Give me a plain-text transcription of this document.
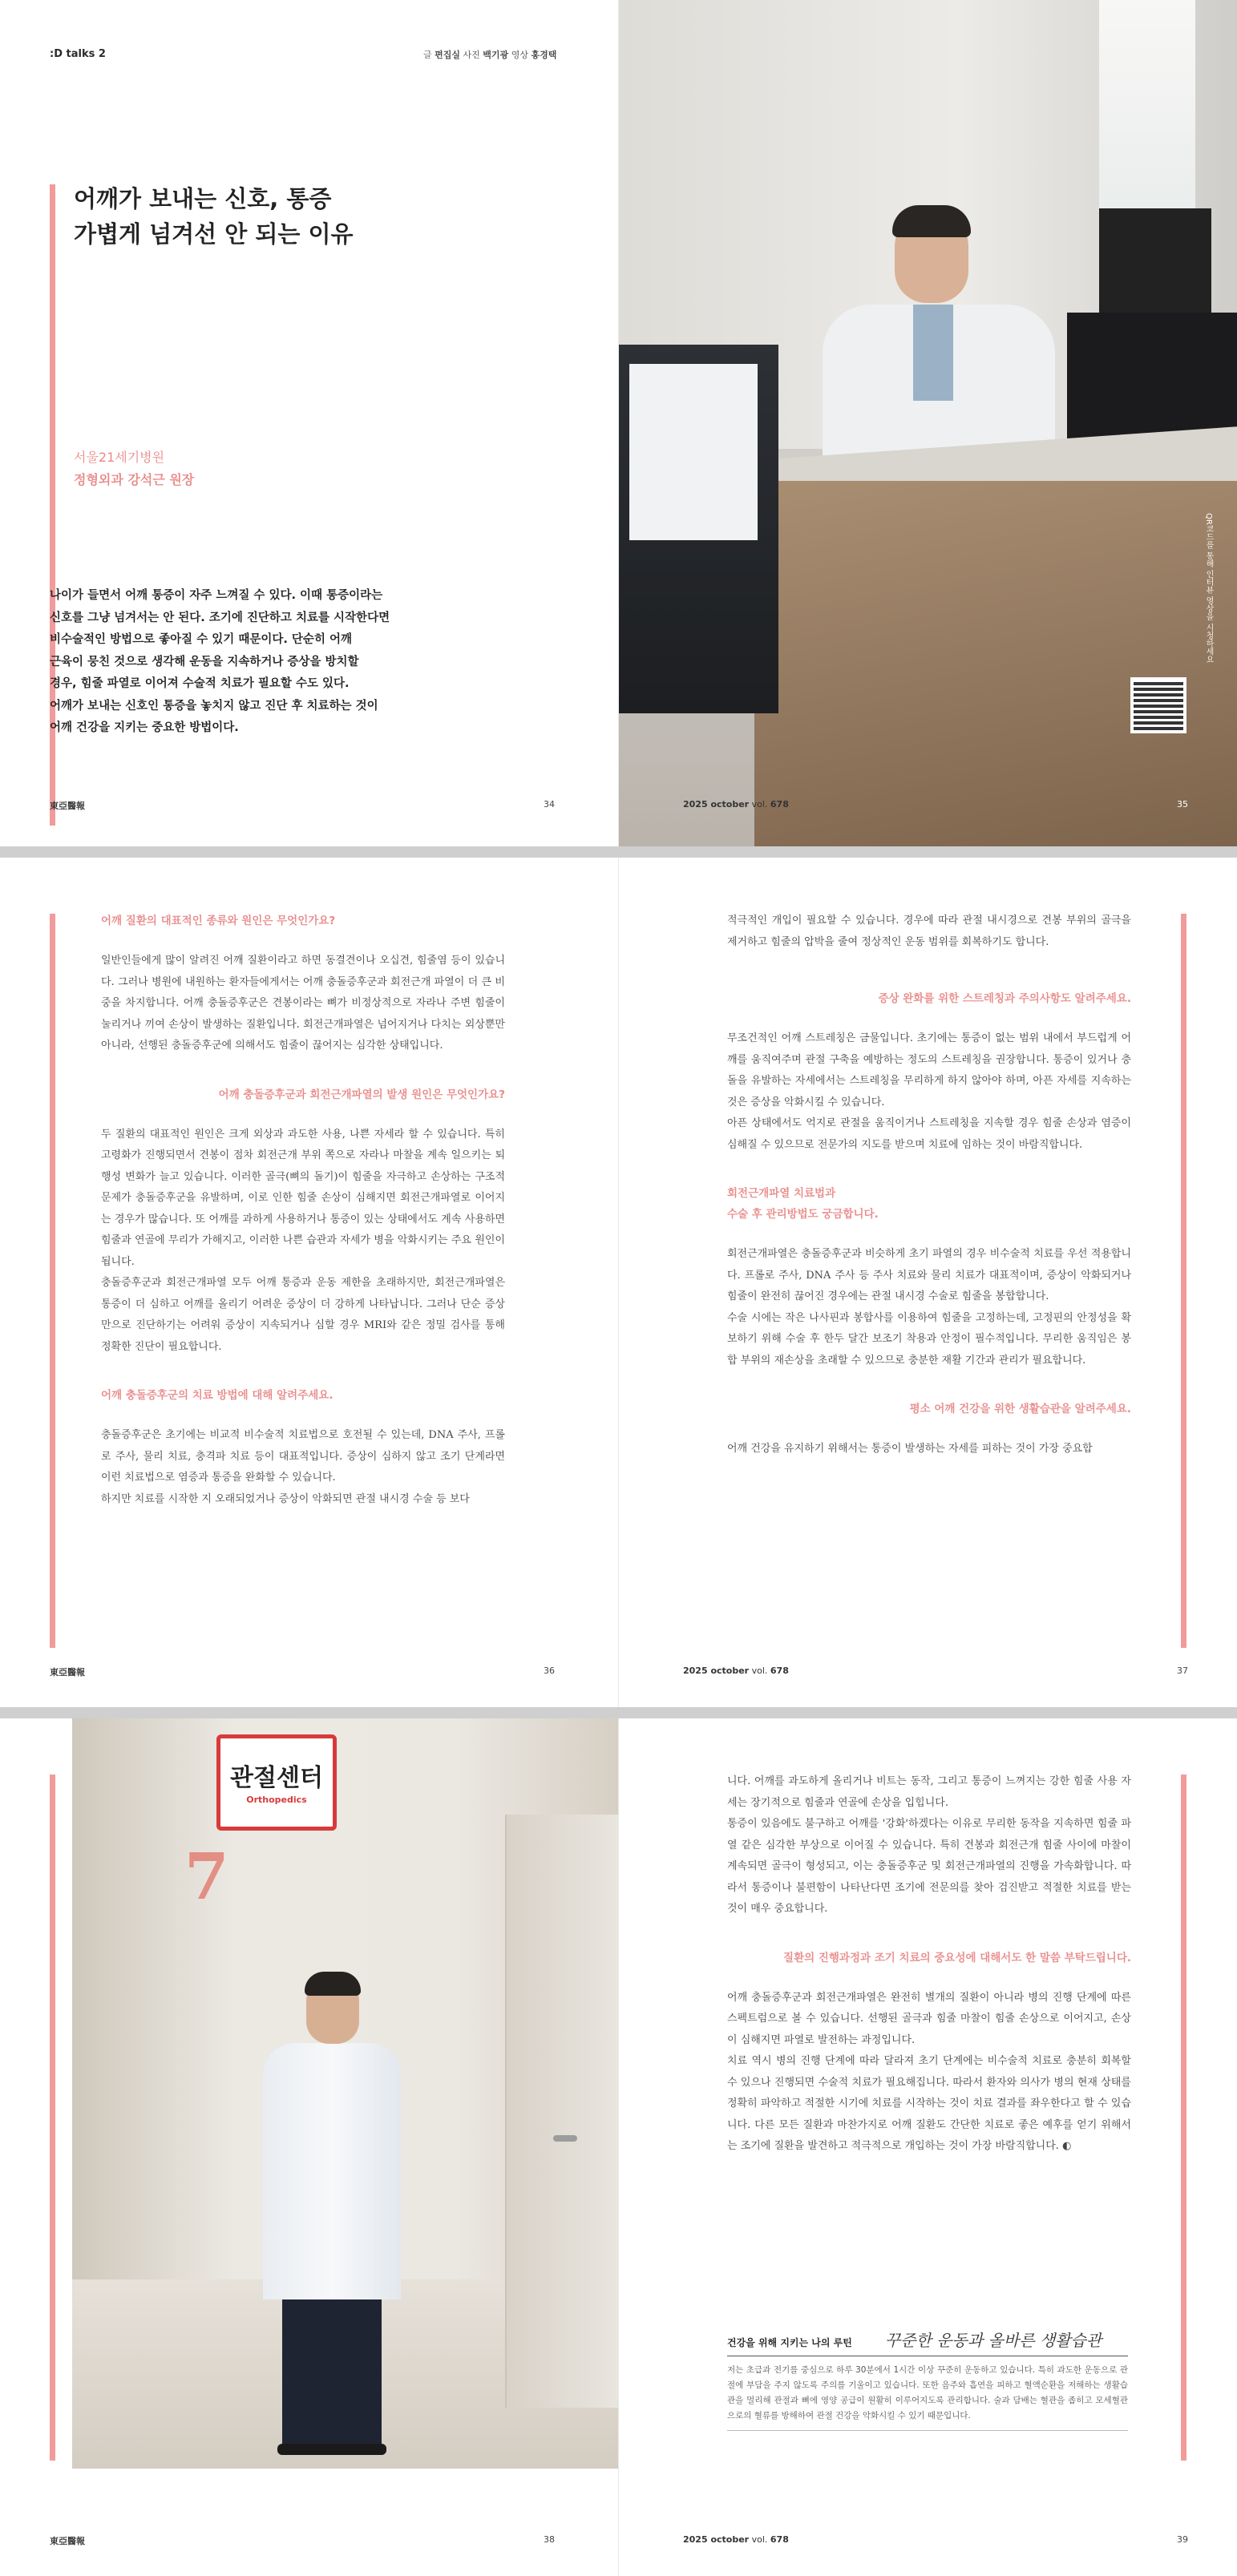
:D talks 2	글 편집실 사진 백기광 영상 홍경택
어깨가 보내는 신호, 통증
가볍게 넘겨선 안 되는 이유
서울21세기병원
정형외과 강석근 원장
나이가 들면서 어깨 통증이 자주 느껴질 수 있다. 이때 통증이라는
신호를 그냥 넘겨서는 안 된다. 조기에 진단하고 치료를 시작한다면
비수술적인 방법으로 좋아질 수 있기 때문이다. 단순히 어깨
근육이 뭉친 것으로 생각해 운동을 지속하거나 증상을 방치할
경우, 힘줄 파열로 이어져 수술적 치료가 필요할 수도 있다.
어깨가 보내는 신호인 통증을 놓치지 않고 진단 후 치료하는 것이
어깨 건강을 지키는 중요한 방법이다.
東亞醫報	34
QR코드를 통해 인터뷰 영상을 시청하세요
2025 october vol. 678	35
어깨 질환의 대표적인 종류와 원인은 무엇인가요?

일반인들에게 많이 알려진 어깨 질환이라고 하면 동결견이나 오십견, 힘줄염 등이 있습니다. 그러나 병원에 내원하는 환자들에게서는 어깨 충돌증후군과 회전근개 파열이 더 큰 비중을 차지합니다. 어깨 충돌증후군은 견봉이라는 뼈가 비정상적으로 자라나 주변 힘줄이 눌리거나 끼여 손상이 발생하는 질환입니다. 회전근개파열은 넘어지거나 다치는 외상뿐만 아니라, 선행된 충돌증후군에 의해서도 힘줄이 끊어지는 심각한 상태입니다.

어깨 충돌증후군과 회전근개파열의 발생 원인은 무엇인가요?

두 질환의 대표적인 원인은 크게 외상과 과도한 사용, 나쁜 자세라 할 수 있습니다. 특히 고령화가 진행되면서 견봉이 점차 회전근개 부위 쪽으로 자라나 마찰을 계속 일으키는 퇴행성 변화가 늘고 있습니다. 이러한 골극(뼈의 돌기)이 힘줄을 자극하고 손상하는 구조적 문제가 충돌증후군을 유발하며, 이로 인한 힘줄 손상이 심해지면 회전근개파열로 이어지는 경우가 많습니다. 또 어깨를 과하게 사용하거나 통증이 있는 상태에서도 계속 사용하면 힘줄과 연골에 무리가 가해지고, 이러한 나쁜 습관과 자세가 병을 악화시키는 주요 원인이 됩니다.

충돌증후군과 회전근개파열 모두 어깨 통증과 운동 제한을 초래하지만, 회전근개파열은 통증이 더 심하고 어깨를 올리기 어려운 증상이 더 강하게 나타납니다. 그러나 단순 증상만으로 진단하기는 어려워 증상이 지속되거나 심할 경우 MRI와 같은 정밀 검사를 통해 정확한 진단이 필요합니다.

어깨 충돌증후군의 치료 방법에 대해 알려주세요.

충돌증후군은 초기에는 비교적 비수술적 치료법으로 호전될 수 있는데, DNA 주사, 프롤로 주사, 물리 치료, 충격파 치료 등이 대표적입니다. 증상이 심하지 않고 조기 단계라면 이런 치료법으로 염증과 통증을 완화할 수 있습니다.

하지만 치료를 시작한 지 오래되었거나 증상이 악화되면 관절 내시경 수술 등 보다

적극적인 개입이 필요할 수 있습니다. 경우에 따라 관절 내시경으로 견봉 부위의 골극을 제거하고 힘줄의 압박을 줄여 정상적인 운동 범위를 회복하기도 합니다.

증상 완화를 위한 스트레칭과 주의사항도 알려주세요.

무조건적인 어깨 스트레칭은 금물입니다. 초기에는 통증이 없는 범위 내에서 부드럽게 어깨를 움직여주며 관절 구축을 예방하는 정도의 스트레칭을 권장합니다. 통증이 있거나 충돌을 유발하는 자세에서는 스트레칭을 무리하게 하지 않아야 하며, 아픈 자세를 지속하는 것은 증상을 악화시킬 수 있습니다.

아픈 상태에서도 억지로 관절을 움직이거나 스트레칭을 지속할 경우 힘줄 손상과 염증이 심해질 수 있으므로 전문가의 지도를 받으며 치료에 임하는 것이 바람직합니다.

회전근개파열 치료법과
수술 후 관리방법도 궁금합니다.

회전근개파열은 충돌증후군과 비슷하게 초기 파열의 경우 비수술적 치료를 우선 적용합니다. 프롤로 주사, DNA 주사 등 주사 치료와 물리 치료가 대표적이며, 증상이 악화되거나 힘줄이 완전히 끊어진 경우에는 관절 내시경 수술로 힘줄을 봉합합니다.

수술 시에는 작은 나사핀과 봉합사를 이용하여 힘줄을 고정하는데, 고정핀의 안정성을 확보하기 위해 수술 후 한두 달간 보조기 착용과 안정이 필수적입니다. 무리한 움직임은 봉합 부위의 재손상을 초래할 수 있으므로 충분한 재활 기간과 관리가 필요합니다.

평소 어깨 건강을 위한 생활습관을 알려주세요.

어깨 건강을 유지하기 위해서는 통증이 발생하는 자세를 피하는 것이 가장 중요합

東亞醫報	36	2025 october vol. 678	37
7
관절센터
Orthopedics

니다. 어깨를 과도하게 올리거나 비트는 동작, 그리고 통증이 느껴지는 강한 힘줄 사용 자세는 장기적으로 힘줄과 연골에 손상을 입힙니다.

통증이 있음에도 불구하고 어깨를 '강화'하겠다는 이유로 무리한 동작을 지속하면 힘줄 파열 같은 심각한 부상으로 이어질 수 있습니다. 특히 견봉과 회전근개 힘줄 사이에 마찰이 계속되면 골극이 형성되고, 이는 충돌증후군 및 회전근개파열의 진행을 가속화합니다. 따라서 통증이나 불편함이 나타난다면 조기에 전문의를 찾아 검진받고 적절한 치료를 받는 것이 매우 중요합니다.

질환의 진행과정과 조기 치료의 중요성에 대해서도 한 말씀 부탁드립니다.

어깨 충돌증후군과 회전근개파열은 완전히 별개의 질환이 아니라 병의 진행 단계에 따른 스펙트럼으로 볼 수 있습니다. 선행된 골극과 힘줄 마찰이 힘줄 손상으로 이어지고, 손상이 심해지면 파열로 발전하는 과정입니다.

치료 역시 병의 진행 단계에 따라 달라져 초기 단계에는 비수술적 치료로 충분히 회복할 수 있으나 진행되면 수술적 치료가 필요해집니다. 따라서 환자와 의사가 병의 현재 상태를 정확히 파악하고 적절한 시기에 치료를 시작하는 것이 치료 결과를 좌우한다고 할 수 있습니다. 다른 모든 질환과 마찬가지로 어깨 질환도 간단한 치료로 좋은 예후를 얻기 위해서는 조기에 질환을 발견하고 적극적으로 개입하는 것이 가장 바람직합니다. ◐

건강을 위해 지키는 나의 루틴 꾸준한 운동과 올바른 생활습관
저는 초급과 전기를 중심으로 하루 30분에서 1시간 이상 꾸준히 운동하고 있습니다. 특히 과도한 운동으로 관절에 부담을 주지 않도록 주의를 기울이고 있습니다. 또한 음주와 흡연을 피하고 혈액순환을 저해하는 생활습관을 멀리해 관절과 뼈에 영양 공급이 원활히 이루어지도록 관리합니다. 술과 담배는 혈관을 좁히고 모세혈관으로의 혈류를 방해하여 관절 건강을 악화시킬 수 있기 때문입니다.
東亞醫報	38	2025 october vol. 678	39
